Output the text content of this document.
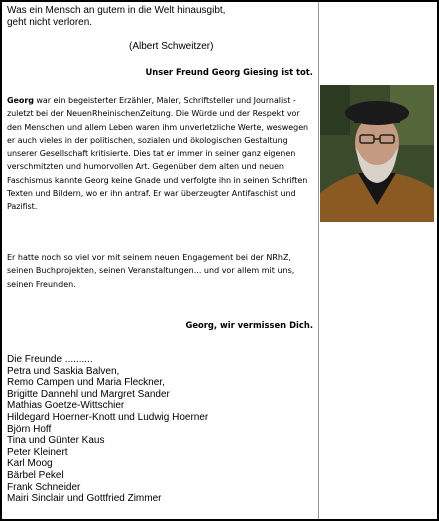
Was ein Mensch an gutem in die Welt hinausgibt,
geht nicht verloren.
(Albert Schweitzer)
Unser Freund Georg Giesing ist tot.
Georg war ein begeisterter Erzähler, Maler, Schriftsteller und Journalist - zuletzt bei der NeuenRheinischenZeitung. Die Würde und der Respekt vor den Menschen und allem Leben waren ihm unverletzliche Werte, weswegen er auch vieles in der politischen, sozialen und ökologischen Gestaltung unserer Gesellschaft kritisierte. Dies tat er immer in seiner ganz eigenen verschmitzten und humorvollen Art. Gegenüber dem alten und neuen Faschismus kannte Georg keine Gnade und verfolgte ihn in seinen Schriften Texten und Bildern, wo er ihn antraf. Er war überzeugter Antifaschist und Pazifist.
Er hatte noch so viel vor mit seinem neuen Engagement bei der NRhZ, seinen Buchprojekten, seinen Veranstaltungen... und vor allem mit uns, seinen Freunden.
Georg, wir vermissen Dich.
Die Freunde ..........
Petra und Saskia Balven,
Remo Campen und Maria Fleckner,
Brigitte Dannehl und Margret Sander
Mathias Goetze-Wittschier
Hildegard Hoerner-Knott und Ludwig Hoerner
Björn Hoff
Tina und Günter Kaus
Peter Kleinert
Karl Moog
Bärbel Pekel
Frank Schneider
Mairi Sinclair und Gottfried Zimmer
